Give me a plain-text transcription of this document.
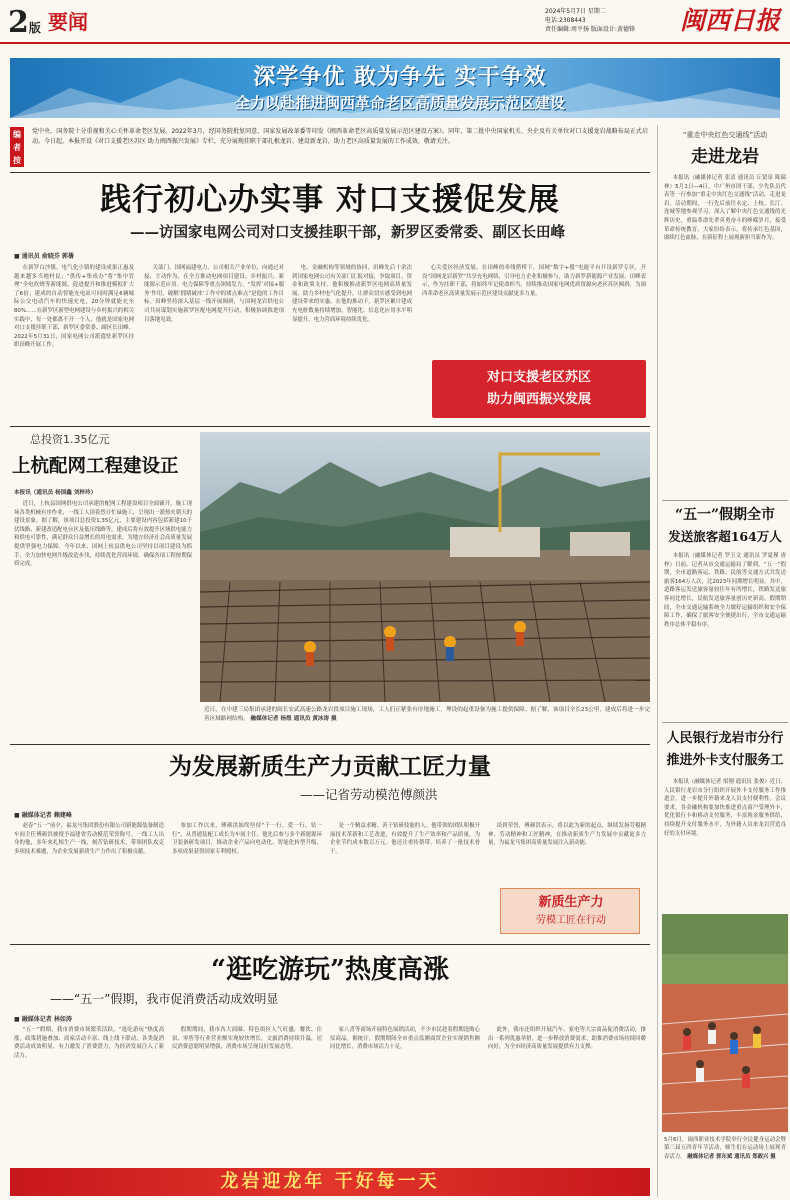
2版 要闻	2024年5月7日 星期二
电话:2308443
责任编辑:周平扬 版面设计:黄德锋	闽西日报
深学争优 敢为争先 实干争效
全力以赴推进闽西革命老区高质量发展示范区建设
编者按
党中央、国务院十分重视和关心关怀革命老区发展。2022年3月，经国务院批复同意，国家发展改革委等印发《闽西革命老区高质量发展示范区建设方案》。同年，第二批中央国家机关、央企及有关单位对口支援龙岩战略布局正式启动。今日起，本报开设《对口支援老区苏区 助力闽西振兴发展》专栏，充分展现挂职干部扎根龙岩、建设新龙岩，助力老区高质量发展的工作成效，敬请关注。
践行初心办实事 对口支援促发展
——访国家电网公司对口支援挂职干部，新罗区委常委、副区长田峰
■ 通讯员 俞晓芬 郭蒨

在新罗白沙镇，电气化小镇的建设成果正惠及越来越多当地村民；“供传+集成办”将“集中管理”全电炊烧等新能源，促进提升和推进模拟扩大了6倍；建成的自动智能充电站可同时满足6辆城际公交电动汽车的快速充电，20分钟就能充至80%……在新罗区新型电网建设与乡村振兴的相关实践中，每一处都离不开一个人，他就是国家电网对口支援挂职干部、新罗区委常委、副区长田峰。2022年5月31日，国家电网公司派遣驻新罗区挂职田峰开展工作。

关部门、国网福建电力、公司相关产业单位，向通过对接，主动作为，在全力推动电网项目建设、乡村振兴、新能源示范应用、电力保障等重点领域发力。“发挥‘对接+服务’作用，破解‘拥堵破冰’工作中的堵点难点”是他的工作目标。田峰坚持深入基层一线开展调研，与国网龙岩供电公司共同谋划实施新罗区配电网提升行动，积极协调推进项目落地见效。

电、金融机构等领域的协同，田峰先后十余次到国家电网公司有关部门汇报对接，争取项目、资金和政策支持。他积极推动新罗区电网高质量发展，助力乡村电气化提升，让群众切实感受到电网建设带来的实惠。在他的推动下，新罗区累计建成充电桩数量持续增加，智能化、信息化应用水平明显提升，电力营商环境持续优化。

心关爱区经济发展。在田峰的牵线搭桥下，国网“数字+援”电能平台开设新罗专区，开设“国网龙岩新罗”共享充电网络，引导电力企业积极参与，助力新罗新能源产业发展。田峰表示，作为挂职干部，将始终牢记使命担当，持续推动国家电网优质资源向老区苏区倾斜，为闽西革命老区高质量发展示范区建设贡献更多力量。

对口支援老区苏区
助力闽西振兴发展
总投资1.35亿元
上杭配网工程建设正
本报讯（通讯员 杨国鑫 刘梓玲）

近日，上杭县国网供电公司承建的配网工程建设项目全面铺开，施工现场各类机械有序作业，一线工人顶着烈日忙碌施工，呈现出一派热火朝天的建设景象。据了解，该项目总投资1.35亿元，主要建设内容包括新建10千伏线路、新建改造配电台区及低压线路等，建成后将有效提升区域供电能力和供电可靠性，满足群众日益增长的用电需求，为地方经济社会高质量发展提供坚强电力保障。今年以来，国网上杭县供电公司坚持以项目建设为抓手，全力加快电网升级改造步伐，持续优化营商环境，确保各项工程按期保质完成。

近日，在中建三局集团承建的闽长安武高速公路龙岩段项目施工现场，工人们正紧张有序地施工，埋设的起重设备为施工提供保障。据了解，该项目全长23公里，建成后将进一步完善区域路网结构。 融媒体记者 杨煜 通讯员 黄冰涛 摄
为发展新质生产力贡献工匠力量
——记省劳动模范傅颜洪
■ 融媒体记者 赖建峰

赵春“五一”前夕，福龙马集团股份有限公司新能源装备制造车间主任傅颜洪被授予福建省劳动模范荣誉称号。一线工人出身的他，多年来扎根生产一线，刻苦钻研技术，带领团队攻克多项技术难题，为企业发展新质生产力作出了积极贡献。

参加工作以来，傅颜洪始终坚持“干一行、爱一行、钻一行”，从普通装配工成长为车间主任。他先后参与多个新能源环卫装备研发项目，推动企业产品向电动化、智能化转型升级，多项成果获得国家专利授权。

是一个精益求精、善于钻研技能的人。他带领的团队积极开展技术革新和工艺改进，有效提升了生产效率和产品质量，为企业节约成本数百万元。他还注重传帮带，培养了一批技术骨干。

谈到荣誉，傅颜洪表示，将以此为新的起点，继续发扬劳模精神、劳动精神和工匠精神，在推动新质生产力发展中贡献更多力量，为福龙马集团高质量发展注入新动能。

新质生产力
劳模工匠在行动
“逛吃游玩”热度高涨
——“五一”假期，我市促消费活动成效明显
■ 融媒体记者 林如涛

“五一”假期，我市消费市场繁荣活跃，“逛吃游玩”热度高涨，政策措施叠加、商家活动丰富、线上线下联动，各类促消费活动成效明显，有力激发了消费潜力，为经济发展注入了新活力。

假期期间，我市各大商圈、特色街区人气旺盛，餐饮、住宿、零售等行业营业额实现较快增长，文旅消费持续升温，居民消费意愿明显增强，消费市场呈现良好发展态势。

家八喜等商场开展特色展销活动，不少市民趁着假期选购心仪商品。据统计，假期期间全市重点监测商贸企业实现销售额同比增长，消费市场活力十足。

此外，我市还组织开展汽车、家电等大宗商品促消费活动，推出一系列优惠举措，进一步释放消费需求，助推消费市场持续回暖向好，为全市经济高质量发展提供有力支撑。

龙岩迎龙年 干好每一天
“重走中央红色交通线”活动
走进龙岩

本报讯（融媒体记者 张清 通讯员 丘贤泉 陈瑞林）5月1日—4日，中广州市团干部、少先队员代表等一行参加“重走中央红色交通线”活动，走进龙岩。活动期间，一行先后前往永定、上杭、长汀、连城等地参观学习，深入了解中央红色交通线的光辉历史，重温革命先辈英勇奋斗的峥嵘岁月，接受革命传统教育。大家纷纷表示，将传承红色基因，赓续红色血脉，在新征程上展现新担当新作为。

“五一”假期全市
发送旅客超164万人

本报讯（融媒体记者 罗玉文 通讯员 罗夏瑾 唐梓）日前，记者从市交通运输局了解到，“五一”假期，全市道路客运、铁路、民航等交通方式共发送旅客164万人次，比2023年同期增长明显。其中，道路客运发送旅客量较往年有所增长，铁路发送旅客同比增长，民航发送旅客量创历史新高。假期期间，全市交通运输系统全力做好运输组织和安全保障工作，确保了旅客安全便捷出行，全市交通运输秩序总体平稳有序。

人民银行龙岩市分行
推进外卡支付服务工

本报讯（融媒体记者 梁刚 通讯员 张俊）近日，人民银行龙岩市分行组织开展外卡支付服务工作推进会，进一步提升外籍来龙人员支付便利性。会议要求，各金融机构要加快推进重点商户受理外卡，优化银行卡和移动支付服务，丰富现金服务供给，持续提升支付服务水平，为外籍人员来龙岩营造良好的支付环境。

5月6日，闽西职业技术学院举行全民健身运动会暨第三届五四青年节活动，师生们在运动场上展现青春活力。 融媒体记者 郭东斌 通讯员 郑毅兴 摄
